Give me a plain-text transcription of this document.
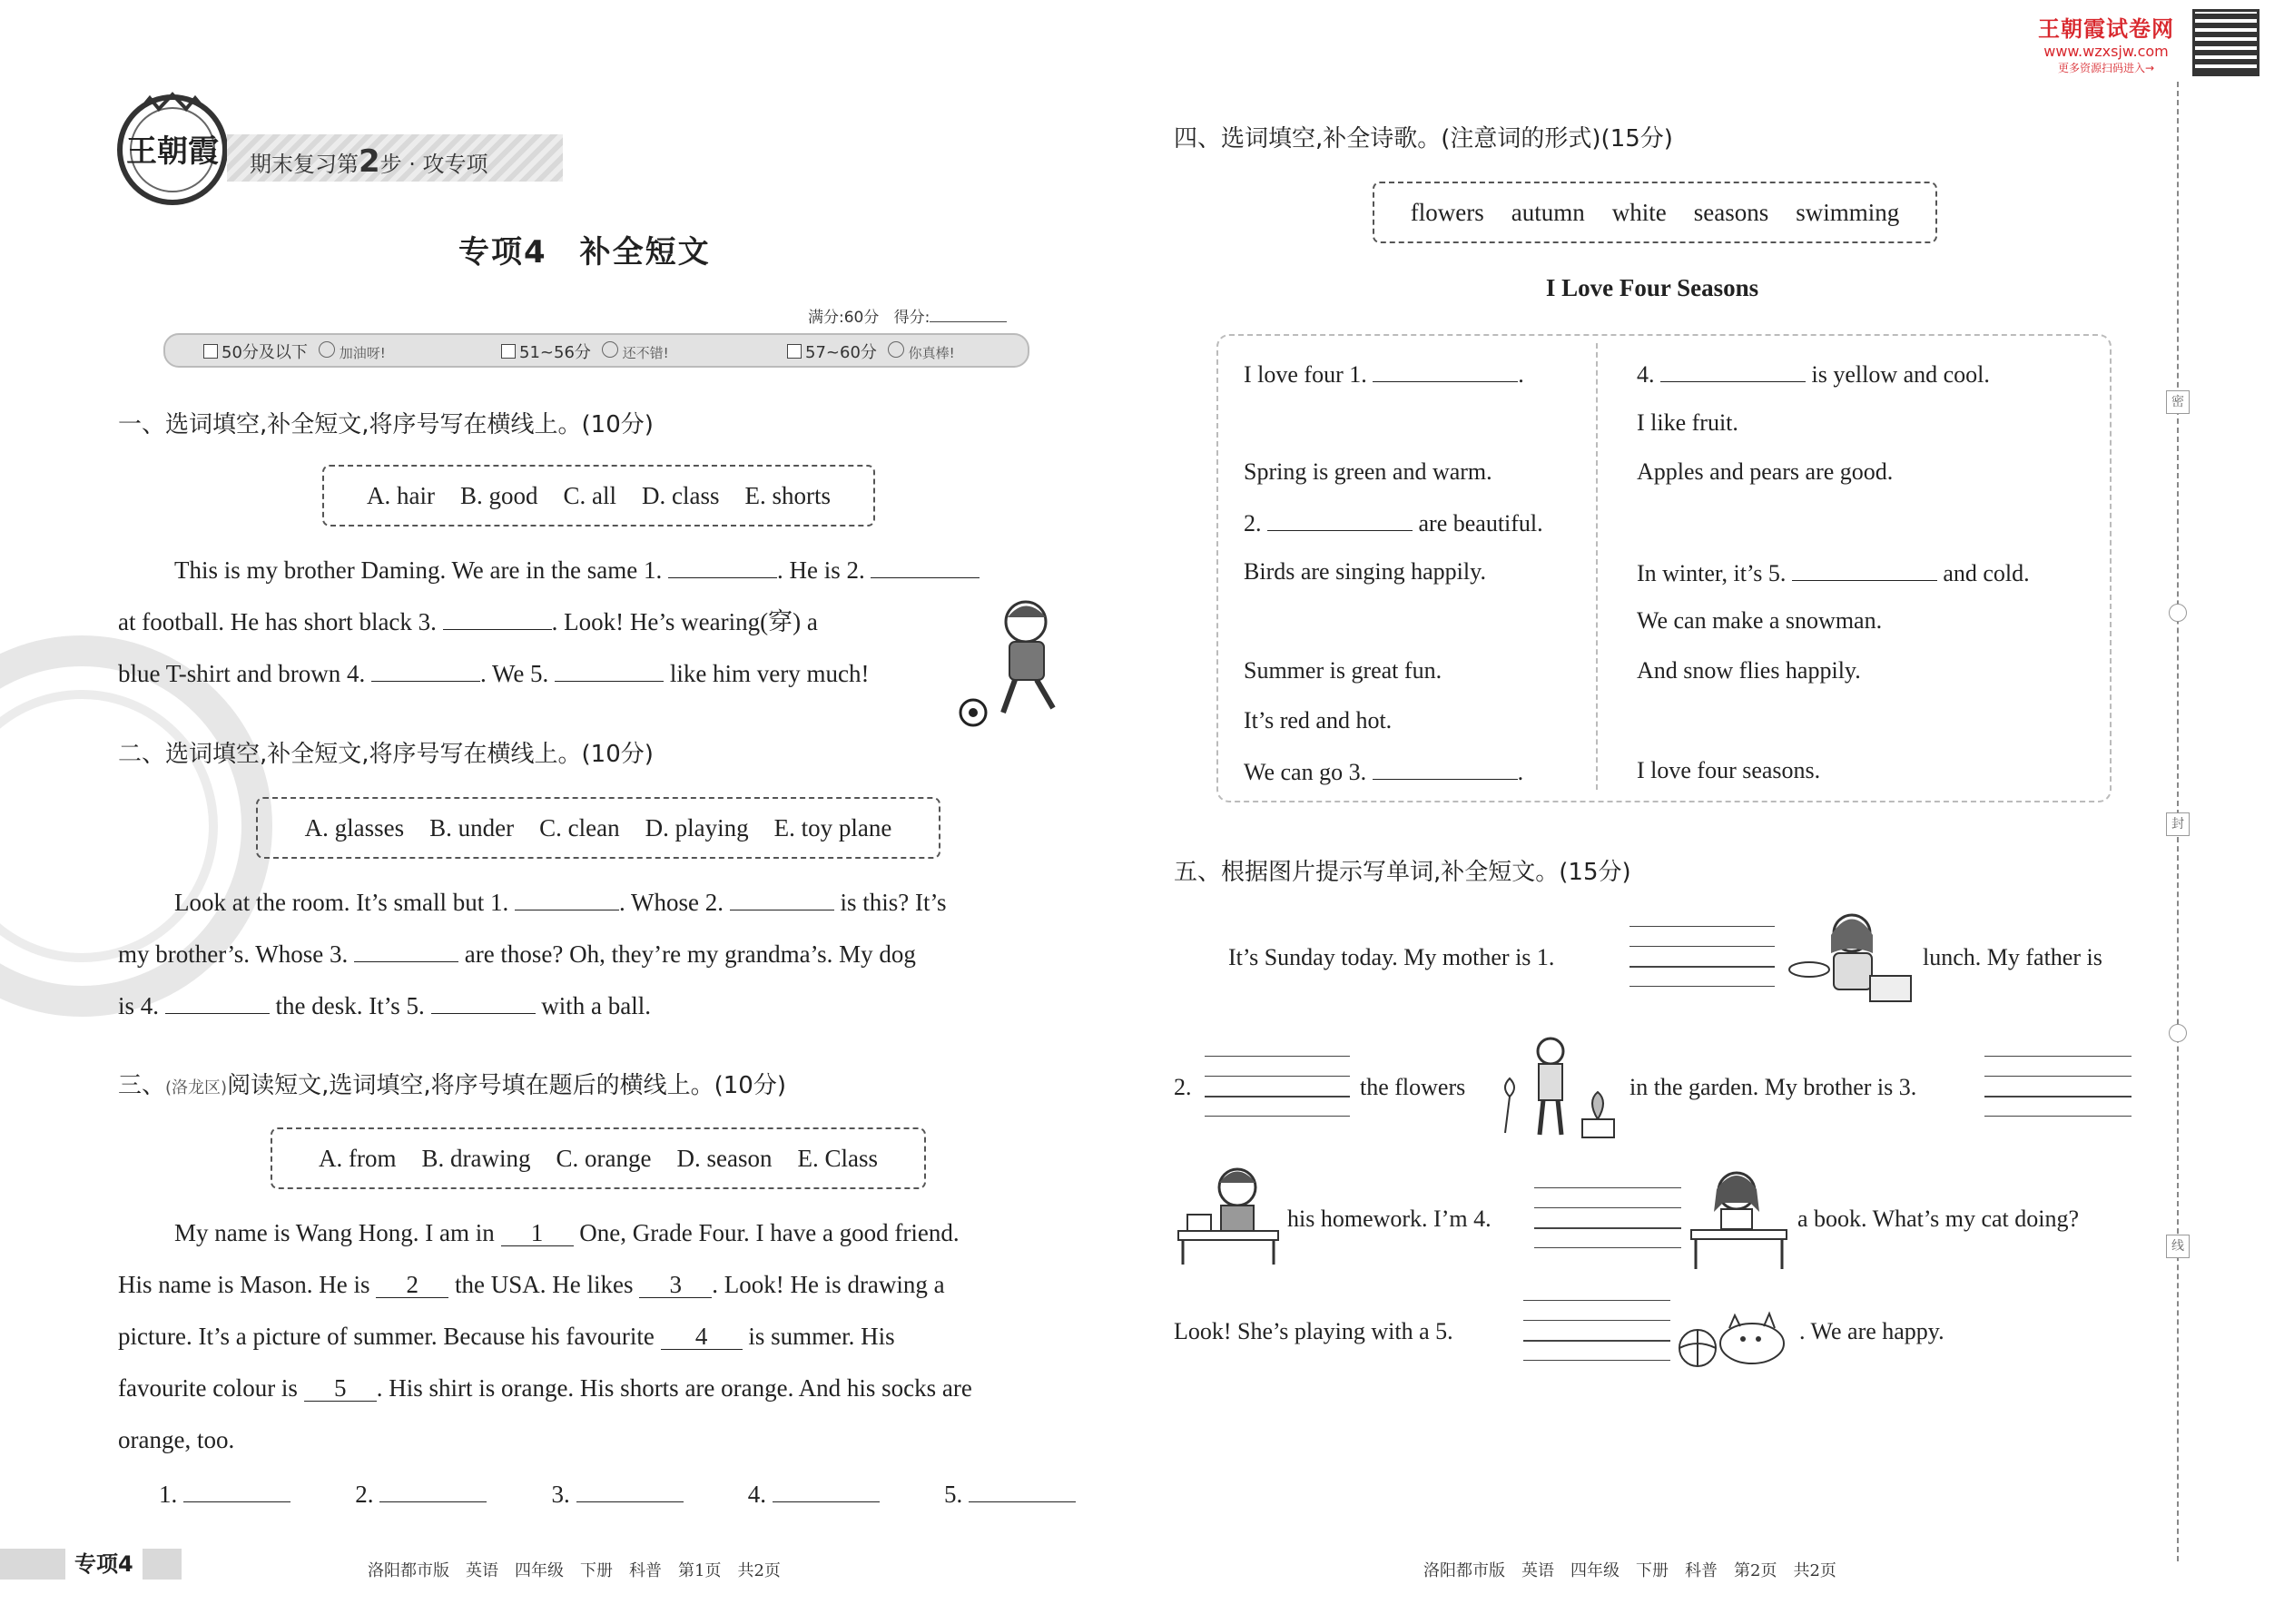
王朝霞试卷网
www.wzxsjw.com
更多资源扫码进入→
王朝霞 期末复习第2步 · 攻专项
专项4　补全短文
满分:60分 得分:
50分及以下	加油呀!	51~56分	还不错!	57~60分	你真棒!
一、选词填空,补全短文,将序号写在横线上。(10分)
A. hair B. good C. all D. class E. shorts
This is my brother Daming. We are in the same 1.	. He is 2.
at football. He has short black 3.	. Look! He’s wearing(穿) a
blue T-shirt and brown 4.	. We 5.	like him very much!
二、选词填空,补全短文,将序号写在横线上。(10分)
A. glasses B. under C. clean D. playing E. toy plane
Look at the room. It’s small but 1.	. Whose 2.	is this? It’s
my brother’s. Whose 3.	are those? Oh, they’re my grandma’s. My dog
is 4.	the desk. It’s 5.	with a ball.
三、(洛龙区)阅读短文,选词填空,将序号填在题后的横线上。(10分)
A. from B. drawing C. orange D. season E. Class
My name is Wang Hong. I am in 1 One, Grade Four. I have a good friend.
His name is Mason. He is 2 the USA. He likes 3 . Look! He is drawing a
picture. It’s a picture of summer. Because his favourite 4 is summer. His
favourite colour is 5 . His shirt is orange. His shorts are orange. And his socks are
orange, too.
1.	2.	3.	4.	5.
四、选词填空,补全诗歌。(注意词的形式)(15分)
flowers autumn white seasons swimming
I Love Four Seasons
I love four 1.	.
Spring is green and warm.
2.	are beautiful.
Birds are singing happily.
Summer is great fun.
It’s red and hot.
We can go 3.	.
4.	is yellow and cool.
I like fruit.
Apples and pears are good.
In winter, it’s 5.	and cold.
We can make a snowman.
And snow flies happily.
I love four seasons.
五、根据图片提示写单词,补全短文。(15分)
It’s Sunday today. My mother is 1.	lunch. My father is
2.	the flowers	in the garden. My brother is 3.
his homework. I’m 4.	a book. What’s my cat doing?
Look! She’s playing with a 5.	. We are happy.
密
封
线
专项4	洛阳都市版　英语　四年级　下册　科普　第1页　共2页	洛阳都市版　英语　四年级　下册　科普　第2页　共2页
